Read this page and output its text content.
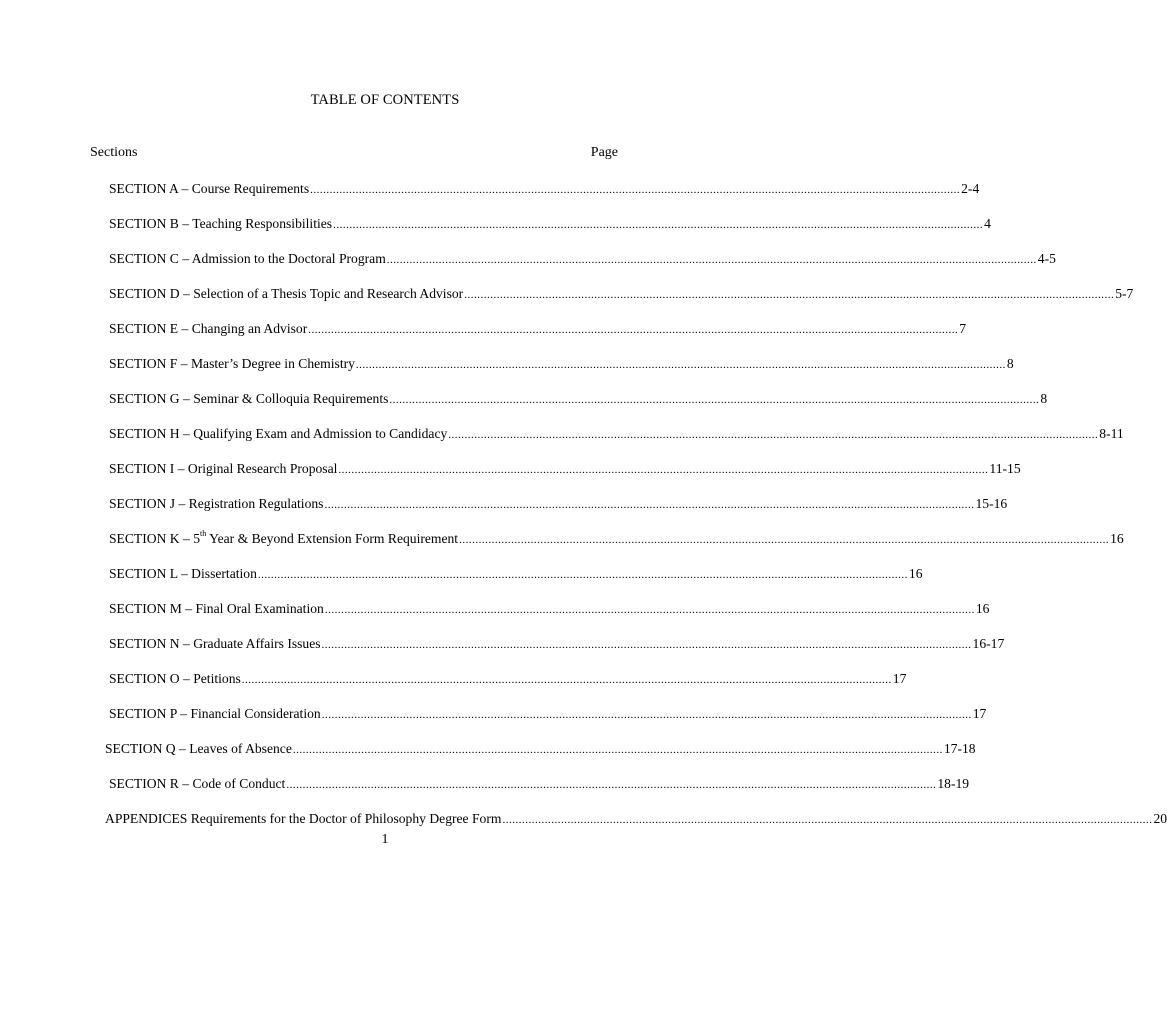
TABLE OF CONTENTS
Sections	Page
SECTION A – Course Requirements ........................................................................................................................................................................................................ 2-4
SECTION B – Teaching Responsibilities ........................................................................................................................................................................................................ 4
SECTION C – Admission to the Doctoral Program ........................................................................................................................................................................................................ 4-5
SECTION D – Selection of a Thesis Topic and Research Advisor ........................................................................................................................................................................................................ 5-7
SECTION E – Changing an Advisor ........................................................................................................................................................................................................ 7
SECTION F – Master’s Degree in Chemistry ........................................................................................................................................................................................................ 8
SECTION G – Seminar & Colloquia Requirements ........................................................................................................................................................................................................ 8
SECTION H – Qualifying Exam and Admission to Candidacy ........................................................................................................................................................................................................ 8-11
SECTION I – Original Research Proposal ........................................................................................................................................................................................................ 11-15
SECTION J – Registration Regulations ........................................................................................................................................................................................................ 15-16
SECTION K – 5th Year & Beyond Extension Form Requirement ........................................................................................................................................................................................................ 16
SECTION L – Dissertation ........................................................................................................................................................................................................ 16
SECTION M – Final Oral Examination ........................................................................................................................................................................................................ 16
SECTION N – Graduate Affairs Issues ........................................................................................................................................................................................................ 16-17
SECTION O – Petitions ........................................................................................................................................................................................................ 17
SECTION P – Financial Consideration ........................................................................................................................................................................................................ 17
SECTION Q – Leaves of Absence ........................................................................................................................................................................................................ 17-18
SECTION R – Code of Conduct ........................................................................................................................................................................................................ 18-19
APPENDICES Requirements for the Doctor of Philosophy Degree Form ........................................................................................................................................................................................................ 20
1
